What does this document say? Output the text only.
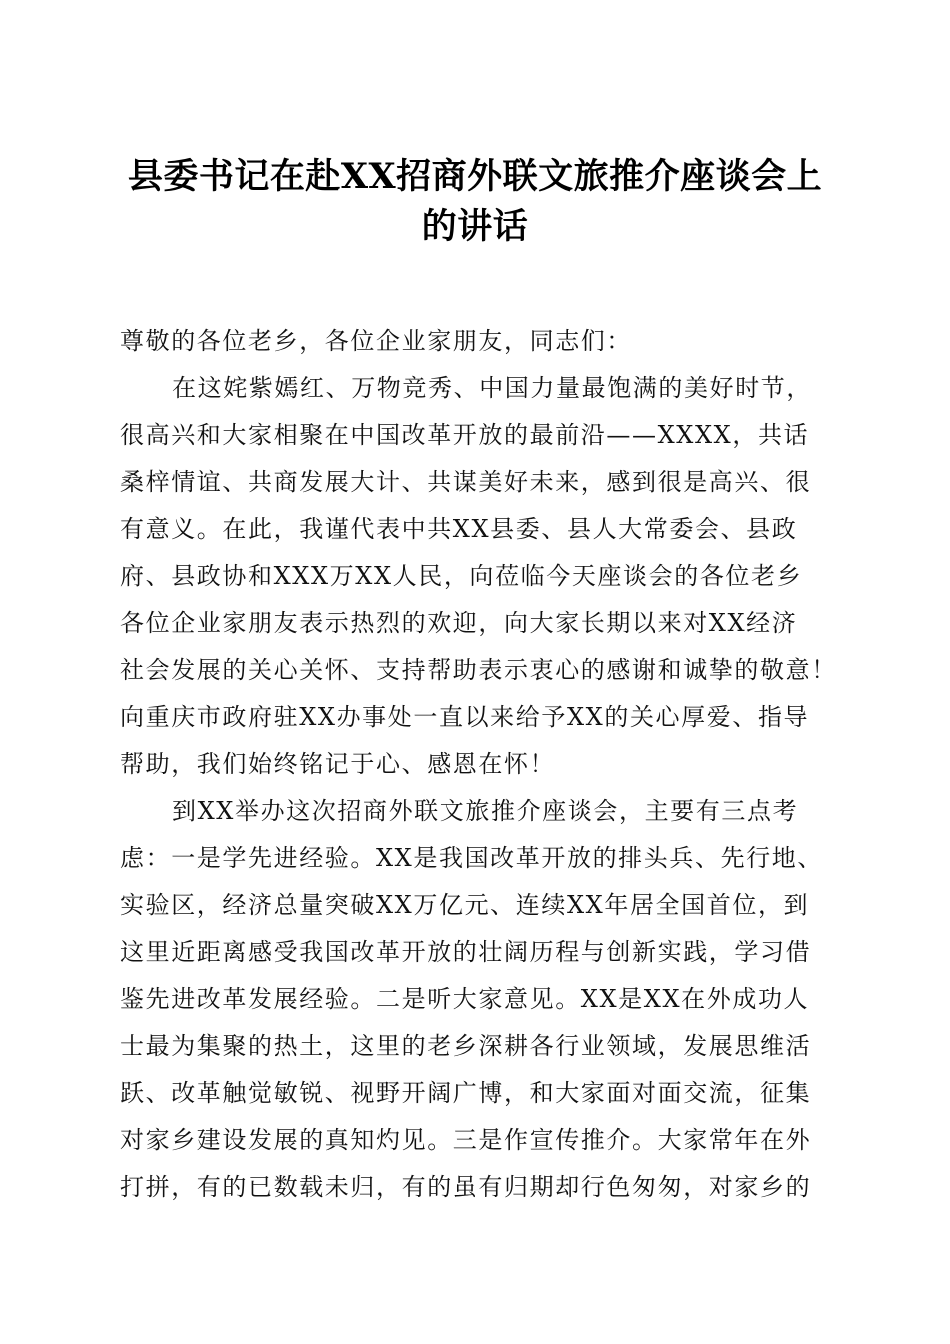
县委书记在赴XX招商外联文旅推介座谈会上
的讲话
尊敬的各位老乡，各位企业家朋友，同志们：
在这姹紫嫣红、万物竞秀、中国力量最饱满的美好时节，
很高兴和大家相聚在中国改革开放的最前沿——XXXX，共话
桑梓情谊、共商发展大计、共谋美好未来，感到很是高兴、很
有意义。在此，我谨代表中共XX县委、县人大常委会、县政
府、县政协和XXX万XX人民，向莅临今天座谈会的各位老乡
各位企业家朋友表示热烈的欢迎，向大家长期以来对XX经济
社会发展的关心关怀、支持帮助表示衷心的感谢和诚挚的敬意！
向重庆市政府驻XX办事处一直以来给予XX的关心厚爱、指导
帮助，我们始终铭记于心、感恩在怀！
到XX举办这次招商外联文旅推介座谈会，主要有三点考
虑：一是学先进经验。XX是我国改革开放的排头兵、先行地、
实验区，经济总量突破XX万亿元、连续XX年居全国首位，到
这里近距离感受我国改革开放的壮阔历程与创新实践，学习借
鉴先进改革发展经验。二是听大家意见。XX是XX在外成功人
士最为集聚的热土，这里的老乡深耕各行业领域，发展思维活
跃、改革触觉敏锐、视野开阔广博，和大家面对面交流，征集
对家乡建设发展的真知灼见。三是作宣传推介。大家常年在外
打拼，有的已数载未归，有的虽有归期却行色匆匆，对家乡的
